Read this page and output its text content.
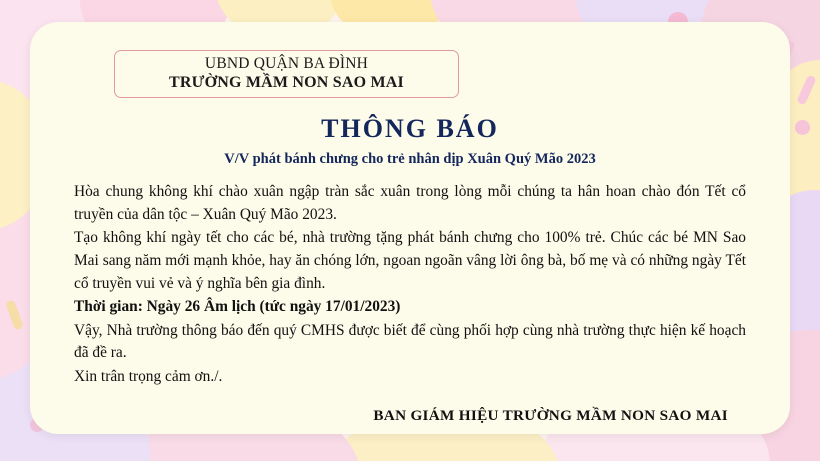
UBND QUẬN BA ĐÌNH
TRƯỜNG MẦM NON SAO MAI
THÔNG BÁO
V/V phát bánh chưng cho trẻ nhân dịp Xuân Quý Mão 2023

Hòa chung không khí chào xuân ngập tràn sắc xuân trong lòng mỗi chúng ta hân hoan chào đón Tết cổ truyền của dân tộc – Xuân Quý Mão 2023.

Tạo không khí ngày tết cho các bé, nhà trường tặng phát bánh chưng cho 100% trẻ. Chúc các bé MN Sao Mai sang năm mới mạnh khỏe, hay ăn chóng lớn, ngoan ngoãn vâng lời ông bà, bố mẹ và có những ngày Tết cổ truyền vui vẻ và ý nghĩa bên gia đình.

Thời gian: Ngày 26 Âm lịch (tức ngày 17/01/2023)

Vậy, Nhà trường thông báo đến quý CMHS được biết để cùng phối hợp cùng nhà trường thực hiện kế hoạch đã đề ra.

Xin trân trọng cảm ơn./.

BAN GIÁM HIỆU TRƯỜNG MẦM NON SAO MAI
